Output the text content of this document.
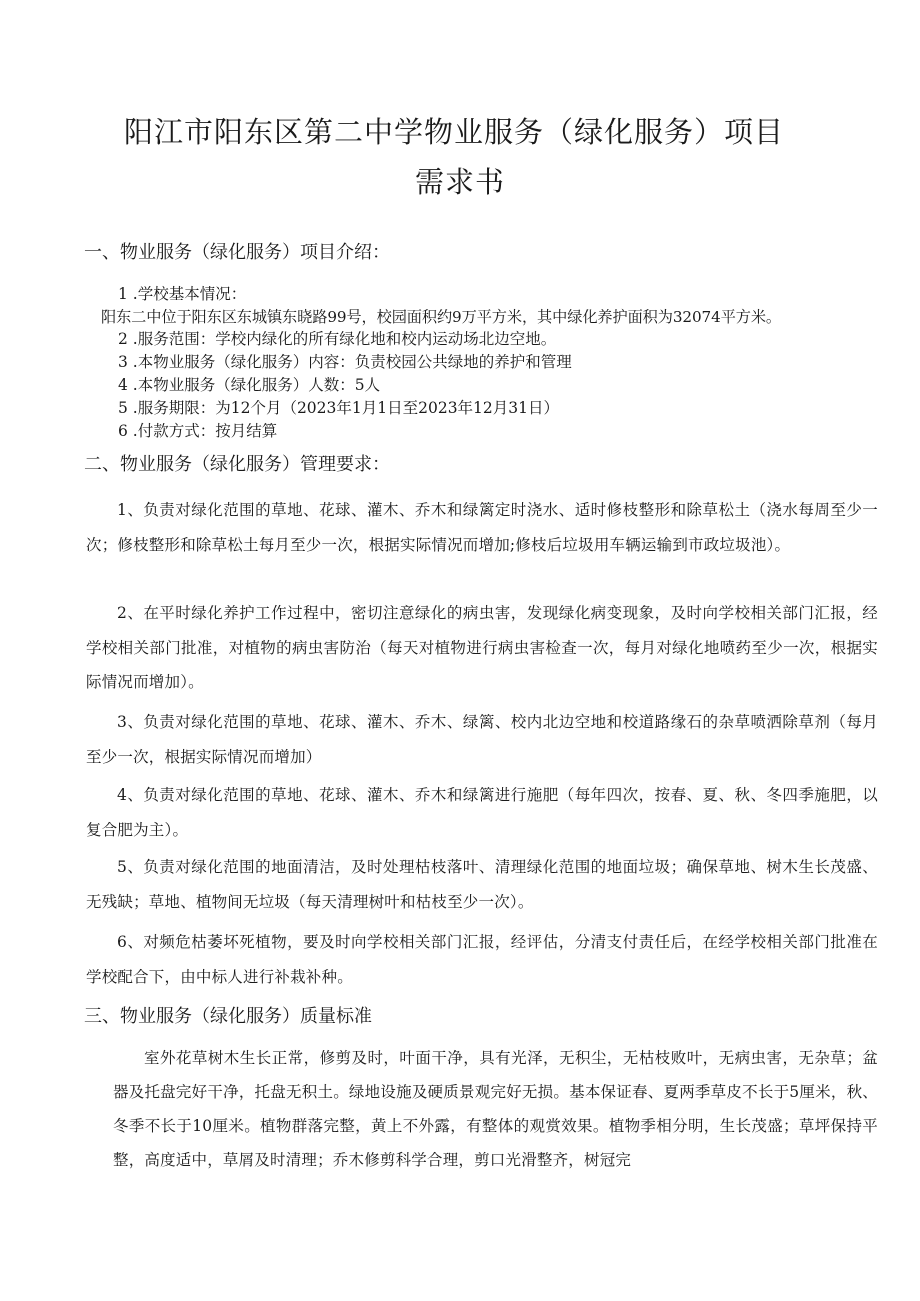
阳江市阳东区第二中学物业服务（绿化服务）项目
需求书
一、物业服务（绿化服务）项目介绍：
1 .学校基本情况：
阳东二中位于阳东区东城镇东晓路99号，校园面积约9万平方米，其中绿化养护面积为32074平方米。
2 .服务范围：学校内绿化的所有绿化地和校内运动场北边空地。
3 .本物业服务（绿化服务）内容：负责校园公共绿地的养护和管理
4 .本物业服务（绿化服务）人数：5人
5 .服务期限：为12个月（2023年1月1日至2023年12月31日）
6 .付款方式：按月结算
二、物业服务（绿化服务）管理要求：
1、负责对绿化范围的草地、花球、灌木、乔木和绿篱定时浇水、适时修枝整形和除草松土（浇水每周至少一次；修枝整形和除草松土每月至少一次，根据实际情况而增加;修枝后垃圾用车辆运输到市政垃圾池）。
2、在平时绿化养护工作过程中，密切注意绿化的病虫害，发现绿化病变现象，及时向学校相关部门汇报，经学校相关部门批准，对植物的病虫害防治（每天对植物进行病虫害检查一次，每月对绿化地喷药至少一次，根据实际情况而增加）。
3、负责对绿化范围的草地、花球、灌木、乔木、绿篱、校内北边空地和校道路缘石的杂草喷洒除草剂（每月至少一次，根据实际情况而增加）
4、负责对绿化范围的草地、花球、灌木、乔木和绿篱进行施肥（每年四次，按春、夏、秋、冬四季施肥，以复合肥为主）。
5、负责对绿化范围的地面清洁，及时处理枯枝落叶、清理绿化范围的地面垃圾；确保草地、树木生长茂盛、无残缺；草地、植物间无垃圾（每天清理树叶和枯枝至少一次）。
6、对频危枯萎坏死植物，要及时向学校相关部门汇报，经评估，分清支付责任后，在经学校相关部门批准在学校配合下，由中标人进行补栽补种。
三、物业服务（绿化服务）质量标准
室外花草树木生长正常，修剪及时，叶面干净，具有光泽，无积尘，无枯枝败叶，无病虫害，无杂草；盆器及托盘完好干净，托盘无积土。绿地设施及硬质景观完好无损。基本保证春、夏两季草皮不长于5厘米，秋、冬季不长于10厘米。植物群落完整，黄上不外露，有整体的观赏效果。植物季相分明，生长茂盛；草坪保持平整，高度适中，草屑及时清理；乔木修剪科学合理，剪口光滑整齐，树冠完
